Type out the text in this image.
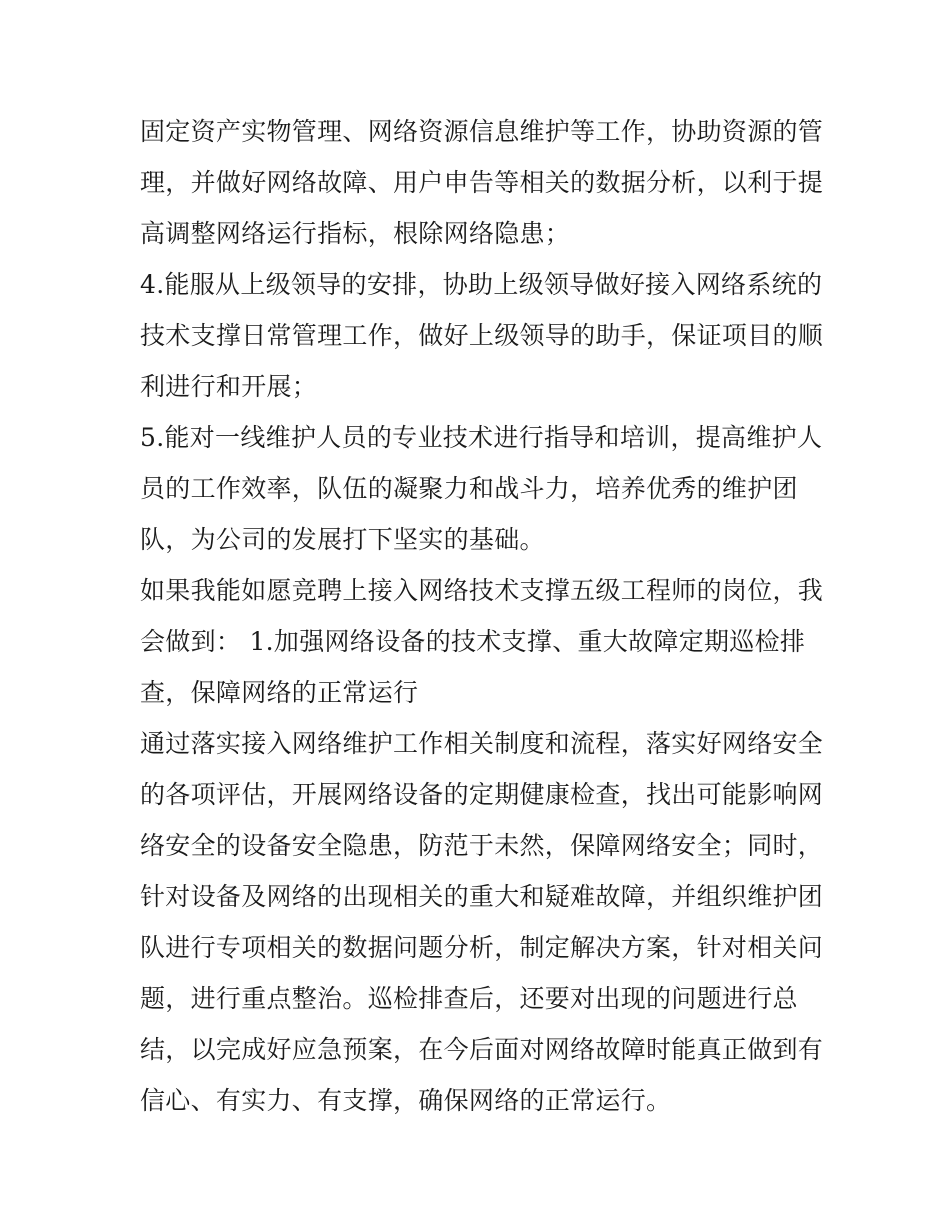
固定资产实物管理、网络资源信息维护等工作，协助资源的管
理，并做好网络故障、用户申告等相关的数据分析，以利于提
高调整网络运行指标，根除网络隐患；
4.能服从上级领导的安排，协助上级领导做好接入网络系统的
技术支撑日常管理工作，做好上级领导的助手，保证项目的顺
利进行和开展；
5.能对一线维护人员的专业技术进行指导和培训，提高维护人
员的工作效率，队伍的凝聚力和战斗力，培养优秀的维护团
队，为公司的发展打下坚实的基础。
如果我能如愿竞聘上接入网络技术支撑五级工程师的岗位，我
会做到： 1.加强网络设备的技术支撑、重大故障定期巡检排
查，保障网络的正常运行
通过落实接入网络维护工作相关制度和流程，落实好网络安全
的各项评估，开展网络设备的定期健康检查，找出可能影响网
络安全的设备安全隐患，防范于未然，保障网络安全；同时，
针对设备及网络的出现相关的重大和疑难故障，并组织维护团
队进行专项相关的数据问题分析，制定解决方案，针对相关问
题，进行重点整治。巡检排查后，还要对出现的问题进行总
结，以完成好应急预案，在今后面对网络故障时能真正做到有
信心、有实力、有支撑，确保网络的正常运行。
